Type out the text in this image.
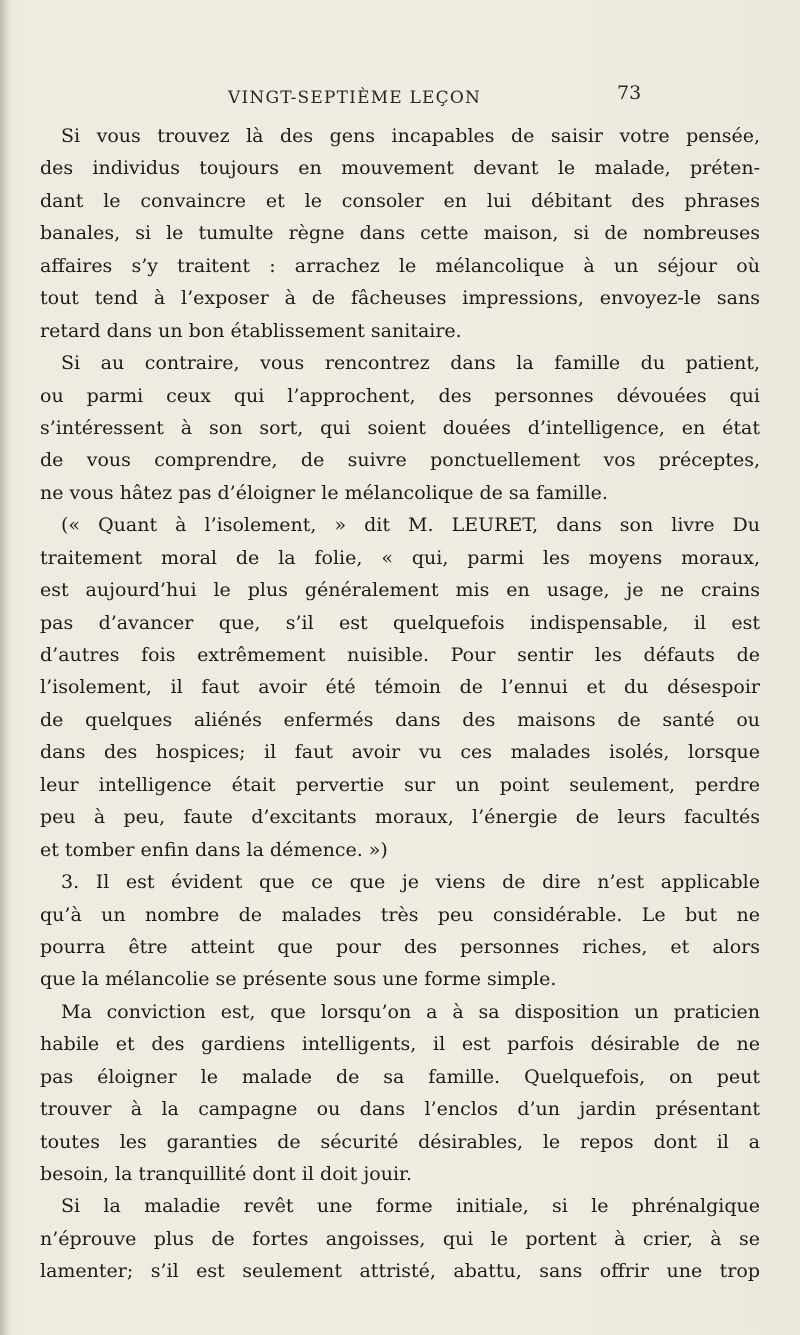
VINGT-SEPTIÈME LEÇON	73
Si vous trouvez là des gens incapables de saisir votre pensée,
des individus toujours en mouvement devant le malade, préten-
dant le convaincre et le consoler en lui débitant des phrases
banales, si le tumulte règne dans cette maison, si de nombreuses
affaires s’y traitent : arrachez le mélancolique à un séjour où
tout tend à l’exposer à de fâcheuses impressions, envoyez-le sans
retard dans un bon établissement sanitaire.
Si au contraire, vous rencontrez dans la famille du patient,
ou parmi ceux qui l’approchent, des personnes dévouées qui
s’intéressent à son sort, qui soient douées d’intelligence, en état
de vous comprendre, de suivre ponctuellement vos préceptes,
ne vous hâtez pas d’éloigner le mélancolique de sa famille.
(« Quant à l’isolement, » dit M. LEURET, dans son livre Du
traitement moral de la folie, « qui, parmi les moyens moraux,
est aujourd’hui le plus généralement mis en usage, je ne crains
pas d’avancer que, s’il est quelquefois indispensable, il est
d’autres fois extrêmement nuisible. Pour sentir les défauts de
l’isolement, il faut avoir été témoin de l’ennui et du désespoir
de quelques aliénés enfermés dans des maisons de santé ou
dans des hospices; il faut avoir vu ces malades isolés, lorsque
leur intelligence était pervertie sur un point seulement, perdre
peu à peu, faute d’excitants moraux, l’énergie de leurs facultés
et tomber enfin dans la démence. »)
3. Il est évident que ce que je viens de dire n’est applicable
qu’à un nombre de malades très peu considérable. Le but ne
pourra être atteint que pour des personnes riches, et alors
que la mélancolie se présente sous une forme simple.
Ma conviction est, que lorsqu’on a à sa disposition un praticien
habile et des gardiens intelligents, il est parfois désirable de ne
pas éloigner le malade de sa famille. Quelquefois, on peut
trouver à la campagne ou dans l’enclos d’un jardin présentant
toutes les garanties de sécurité désirables, le repos dont il a
besoin, la tranquillité dont il doit jouir.
Si la maladie revêt une forme initiale, si le phrénalgique
n’éprouve plus de fortes angoisses, qui le portent à crier, à se
lamenter; s’il est seulement attristé, abattu, sans offrir une trop
